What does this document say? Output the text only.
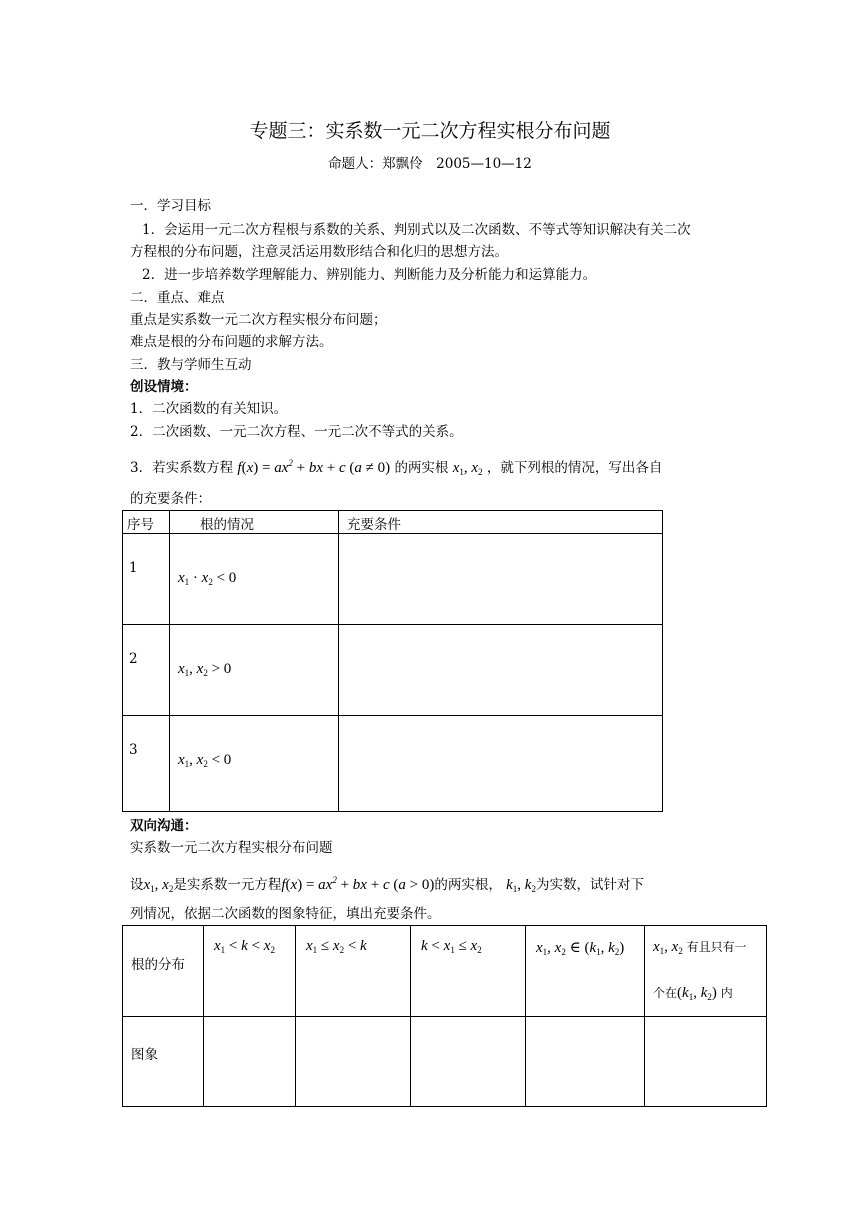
专题三：实系数一元二次方程实根分布问题
命题人：郑飘伶　2005—10—12
一．学习目标
1．会运用一元二次方程根与系数的关系、判别式以及二次函数、不等式等知识解决有关二次
方程根的分布问题，注意灵活运用数形结合和化归的思想方法。
2．进一步培养数学理解能力、辨别能力、判断能力及分析能力和运算能力。
二．重点、难点
重点是实系数一元二次方程实根分布问题；
难点是根的分布问题的求解方法。
三．教与学师生互动
创设情境：
1．二次函数的有关知识。
2．二次函数、一元二次方程、一元二次不等式的关系。
3．若实系数方程 $f(x) = ax^2$ + bx + c (a ≠ 0) 的两实根 $x_1$, $x_2$ ，就下列根的情况，写出各自
的充要条件：
序号	根的情况	充要条件

1	$x_1 \cdot x_2 < 0$	

2	$x_1$, $x_2 > 0$	

3	$x_1$, $x_2 < 0$	

双向沟通：
实系数一元二次方程实根分布问题
设$x_1$, $x_2$是实系数一元方程$f(x) = ax^2$ + bx + c (a > 0)的两实根， $k_1$, $k_2$为实数，试针对下
列情况，依据二次函数的图象特征，填出充要条件。
根的分布	$x_1 < k < x_2$	$x_1 \le x_2 < k$	$k < x_1 \le x_2$	$x_1$, $x_2$ ∈ ($k_1$, $k_2$)	$x_1$, $x_2$ 有且只有一
个在($k_1$, $k_2$) 内

图象					
